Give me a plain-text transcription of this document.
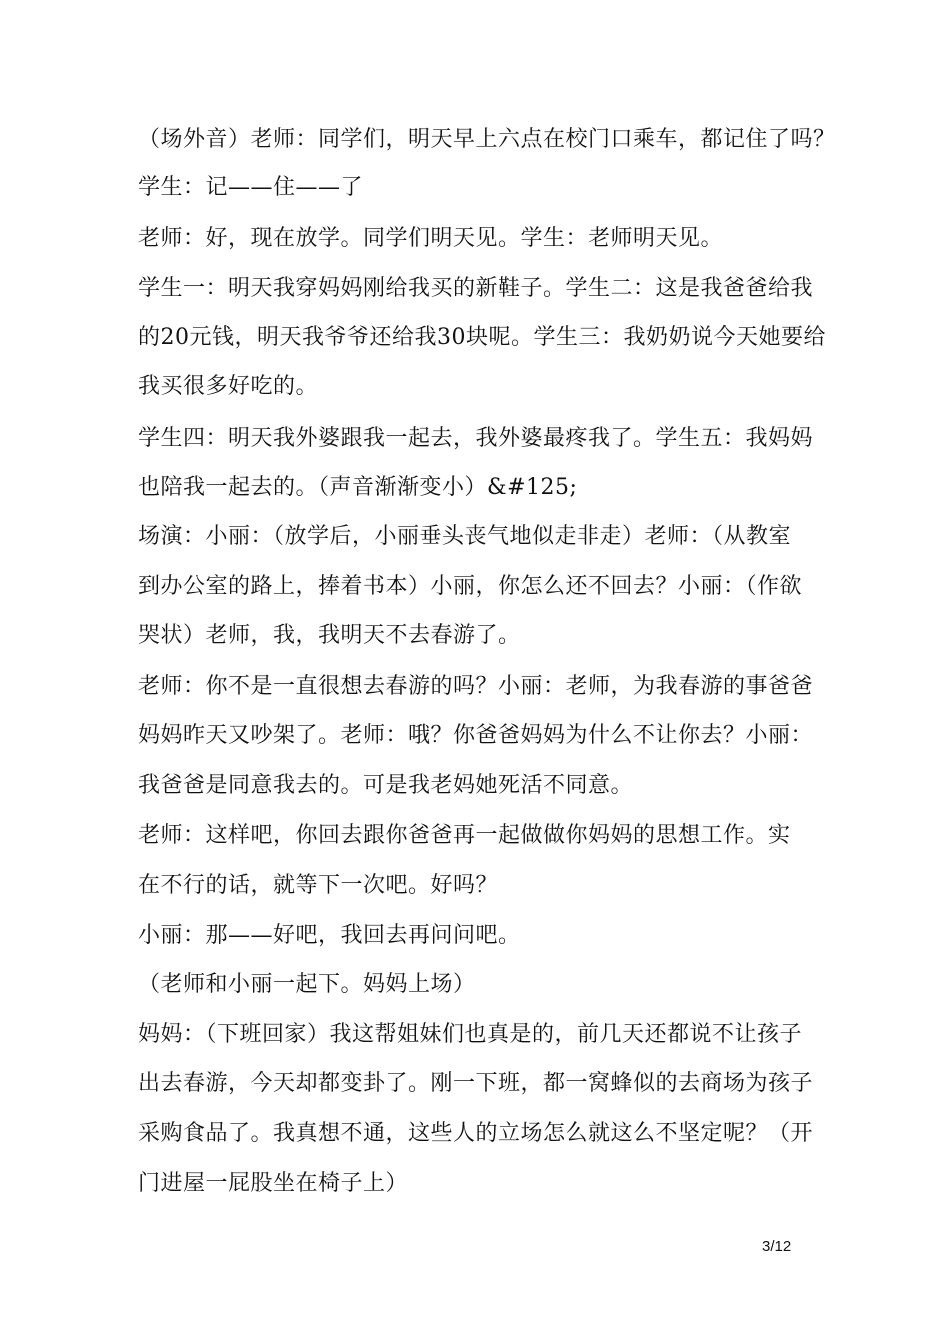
（场外音）老师：同学们，明天早上六点在校门口乘车，都记住了吗？
学生：记——住——了
老师：好，现在放学。同学们明天见。学生：老师明天见。
学生一：明天我穿妈妈刚给我买的新鞋子。学生二：这是我爸爸给我
的20元钱，明天我爷爷还给我30块呢。学生三：我奶奶说今天她要给
我买很多好吃的。
学生四：明天我外婆跟我一起去，我外婆最疼我了。学生五：我妈妈
也陪我一起去的。（声音渐渐变小）&#125;
场演：小丽：（放学后，小丽垂头丧气地似走非走）老师：（从教室
到办公室的路上，捧着书本）小丽，你怎么还不回去？小丽：（作欲
哭状）老师，我，我明天不去春游了。
老师：你不是一直很想去春游的吗？小丽：老师，为我春游的事爸爸
妈妈昨天又吵架了。老师：哦？你爸爸妈妈为什么不让你去？小丽：
我爸爸是同意我去的。可是我老妈她死活不同意。
老师：这样吧，你回去跟你爸爸再一起做做你妈妈的思想工作。实
在不行的话，就等下一次吧。好吗？
小丽：那——好吧，我回去再问问吧。
（老师和小丽一起下。妈妈上场）
妈妈：（下班回家）我这帮姐妹们也真是的，前几天还都说不让孩子
出去春游，今天却都变卦了。刚一下班，都一窝蜂似的去商场为孩子
采购食品了。我真想不通，这些人的立场怎么就这么不坚定呢？（开
门进屋一屁股坐在椅子上）
3/12
